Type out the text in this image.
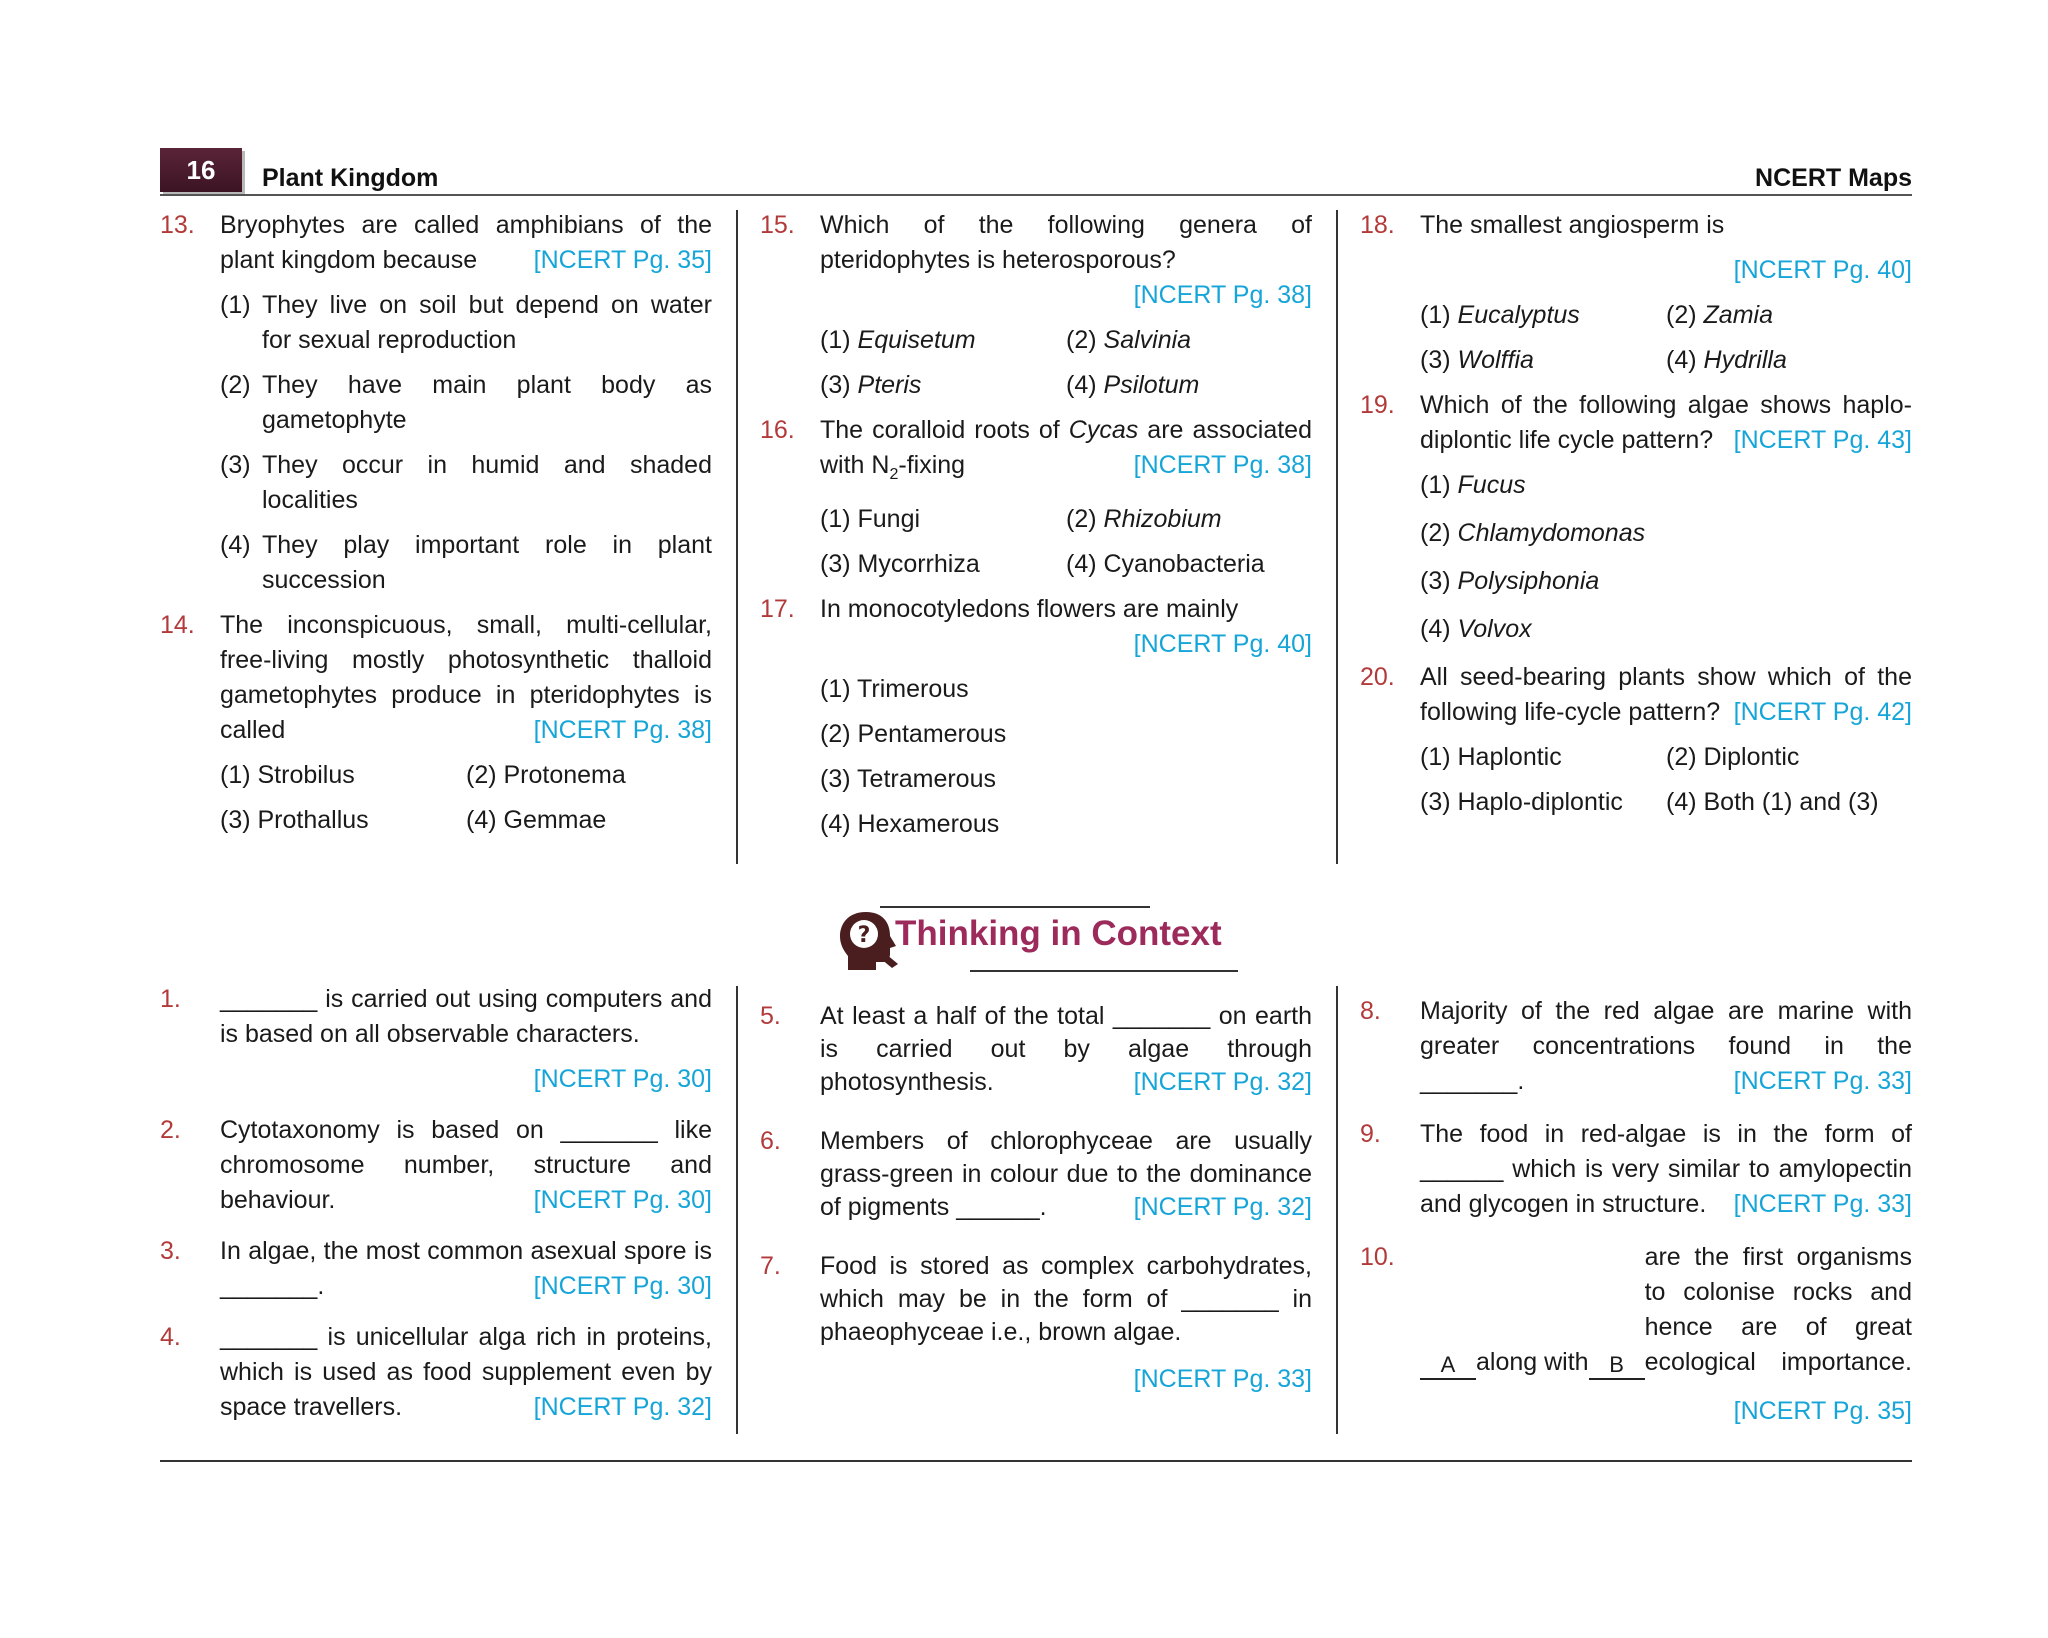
16	Plant Kingdom	NCERT Maps
13. Bryophytes are called amphibians of the plant kingdom because [NCERT Pg. 35]
(1) They live on soil but depend on water for sexual reproduction
(2) They have main plant body as gametophyte
(3) They occur in humid and shaded localities
(4) They play important role in plant succession
14. The inconspicuous, small, multi-cellular, free-living mostly photosynthetic thalloid gametophytes produce in pteridophytes is called	[NCERT Pg. 38]
(1) Strobilus	(2) Protonema
(3) Prothallus	(4) Gemmae
15. Which of the following genera of pteridophytes is heterosporous?
[NCERT Pg. 38]
(1) Equisetum	(2) Salvinia
(3) Pteris	(4) Psilotum
16. The coralloid roots of Cycas are associated with $N_2$-fixing	[NCERT Pg. 38]
(1) Fungi	(2) Rhizobium
(3) Mycorrhiza	(4) Cyanobacteria
17. In monocotyledons flowers are mainly
[NCERT Pg. 40]
(1) Trimerous
(2) Pentamerous
(3) Tetramerous
(4) Hexamerous
18. The smallest angiosperm is
[NCERT Pg. 40]
(1) Eucalyptus	(2) Zamia
(3) Wolffia	(4) Hydrilla
19. Which of the following algae shows haplo-diplontic life cycle pattern? [NCERT Pg. 43]
(1) Fucus
(2) Chlamydomonas
(3) Polysiphonia
(4) Volvox
20. All seed-bearing plants show which of the following life-cycle pattern? [NCERT Pg. 42]
(1) Haplontic	(2) Diplontic
(3) Haplo-diplontic	(4) Both (1) and (3)
? Thinking in Context
1. _______ is carried out using computers and is based on all observable characters.
[NCERT Pg. 30]
2. Cytotaxonomy is based on _______ like chromosome number, structure and behaviour.	[NCERT Pg. 30]
3. In algae, the most common asexual spore is _______.	[NCERT Pg. 30]
4. _______ is unicellular alga rich in proteins, which is used as food supplement even by space travellers.	[NCERT Pg. 32]
5. At least a half of the total _______ on earth is carried out by algae through photosynthesis.	[NCERT Pg. 32]
6. Members of chlorophyceae are usually grass-green in colour due to the dominance of pigments ______.	[NCERT Pg. 32]
7. Food is stored as complex carbohydrates, which may be in the form of _______ in phaeophyceae i.e., brown algae.
[NCERT Pg. 33]
8. Majority of the red algae are marine with greater concentrations found in the _______.	[NCERT Pg. 33]
9. The food in red-algae is in the form of ______ which is very similar to amylopectin and glycogen in structure. [NCERT Pg. 33]
10.
A along with B
are the first organisms to colonise rocks and hence are of great ecological importance.
[NCERT Pg. 35]
